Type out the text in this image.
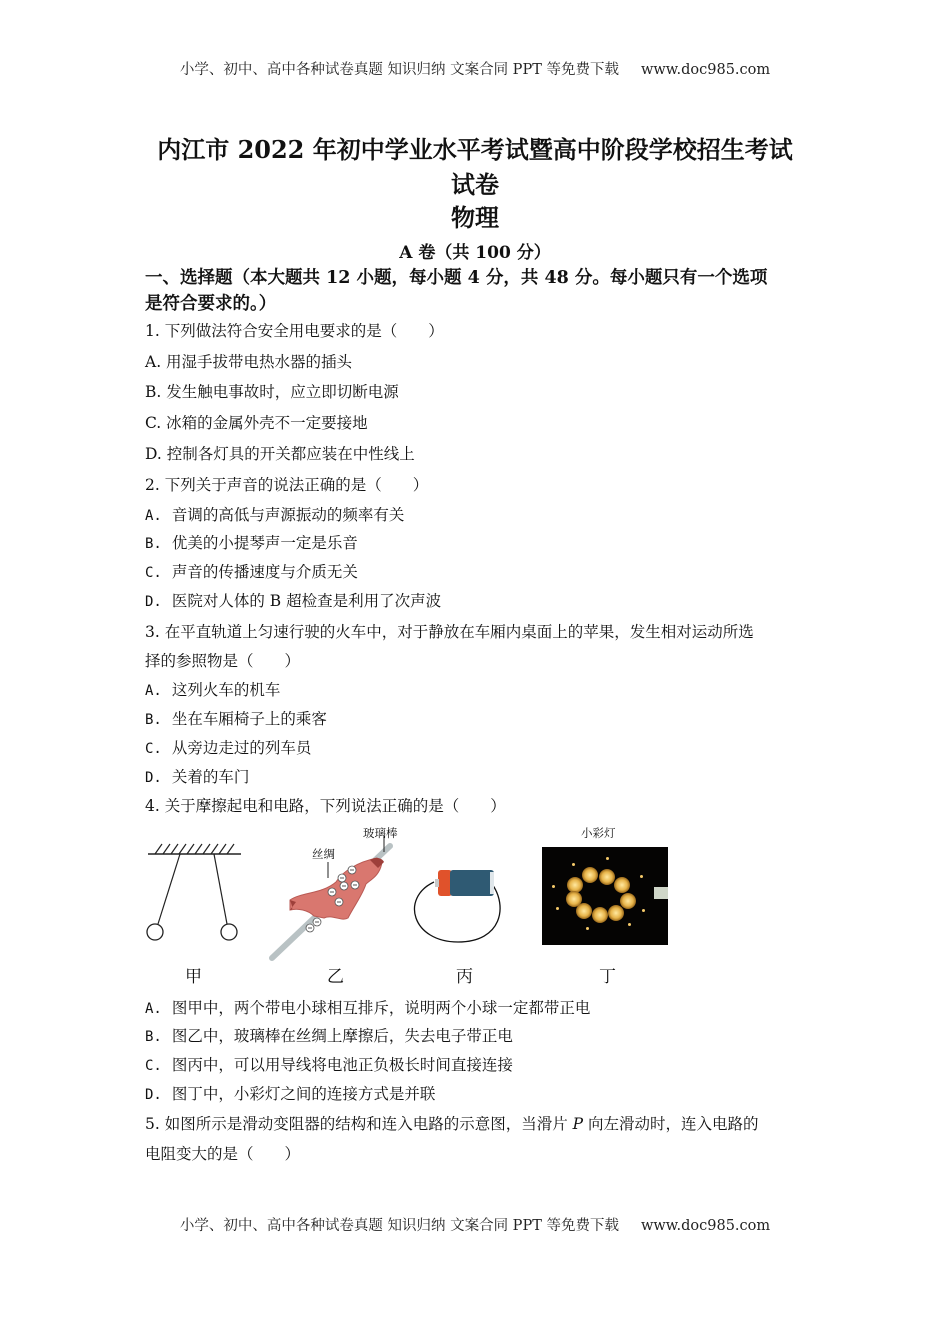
小学、初中、高中各种试卷真题 知识归纳 文案合同 PPT 等免费下载 www.doc985.com
内江市 2022 年初中学业水平考试暨高中阶段学校招生考试
试卷
物理
A 卷（共 100 分）
一、选择题（本大题共 12 小题，每小题 4 分，共 48 分。每小题只有一个选项
是符合要求的。）
1. 下列做法符合安全用电要求的是（　　）
A. 用湿手拔带电热水器的插头
B. 发生触电事故时，应立即切断电源
C. 冰箱的金属外壳不一定要接地
D. 控制各灯具的开关都应装在中性线上
2. 下列关于声音的说法正确的是（　　）
A. 音调的高低与声源振动的频率有关
B. 优美的小提琴声一定是乐音
C. 声音的传播速度与介质无关
D. 医院对人体的 B 超检查是利用了次声波
3. 在平直轨道上匀速行驶的火车中，对于静放在车厢内桌面上的苹果，发生相对运动所选
择的参照物是（　　）
A. 这列火车的机车
B. 坐在车厢椅子上的乘客
C. 从旁边走过的列车员
D. 关着的车门
4. 关于摩擦起电和电路，下列说法正确的是（　　）
甲
丝绸
玻璃棒
乙	丙
小彩灯
丁
A. 图甲中，两个带电小球相互排斥，说明两个小球一定都带正电
B. 图乙中，玻璃棒在丝绸上摩擦后，失去电子带正电
C. 图丙中，可以用导线将电池正负极长时间直接连接
D. 图丁中，小彩灯之间的连接方式是并联
5. 如图所示是滑动变阻器的结构和连入电路的示意图，当滑片 P 向左滑动时，连入电路的
电阻变大的是（　　）
小学、初中、高中各种试卷真题 知识归纳 文案合同 PPT 等免费下载 www.doc985.com
